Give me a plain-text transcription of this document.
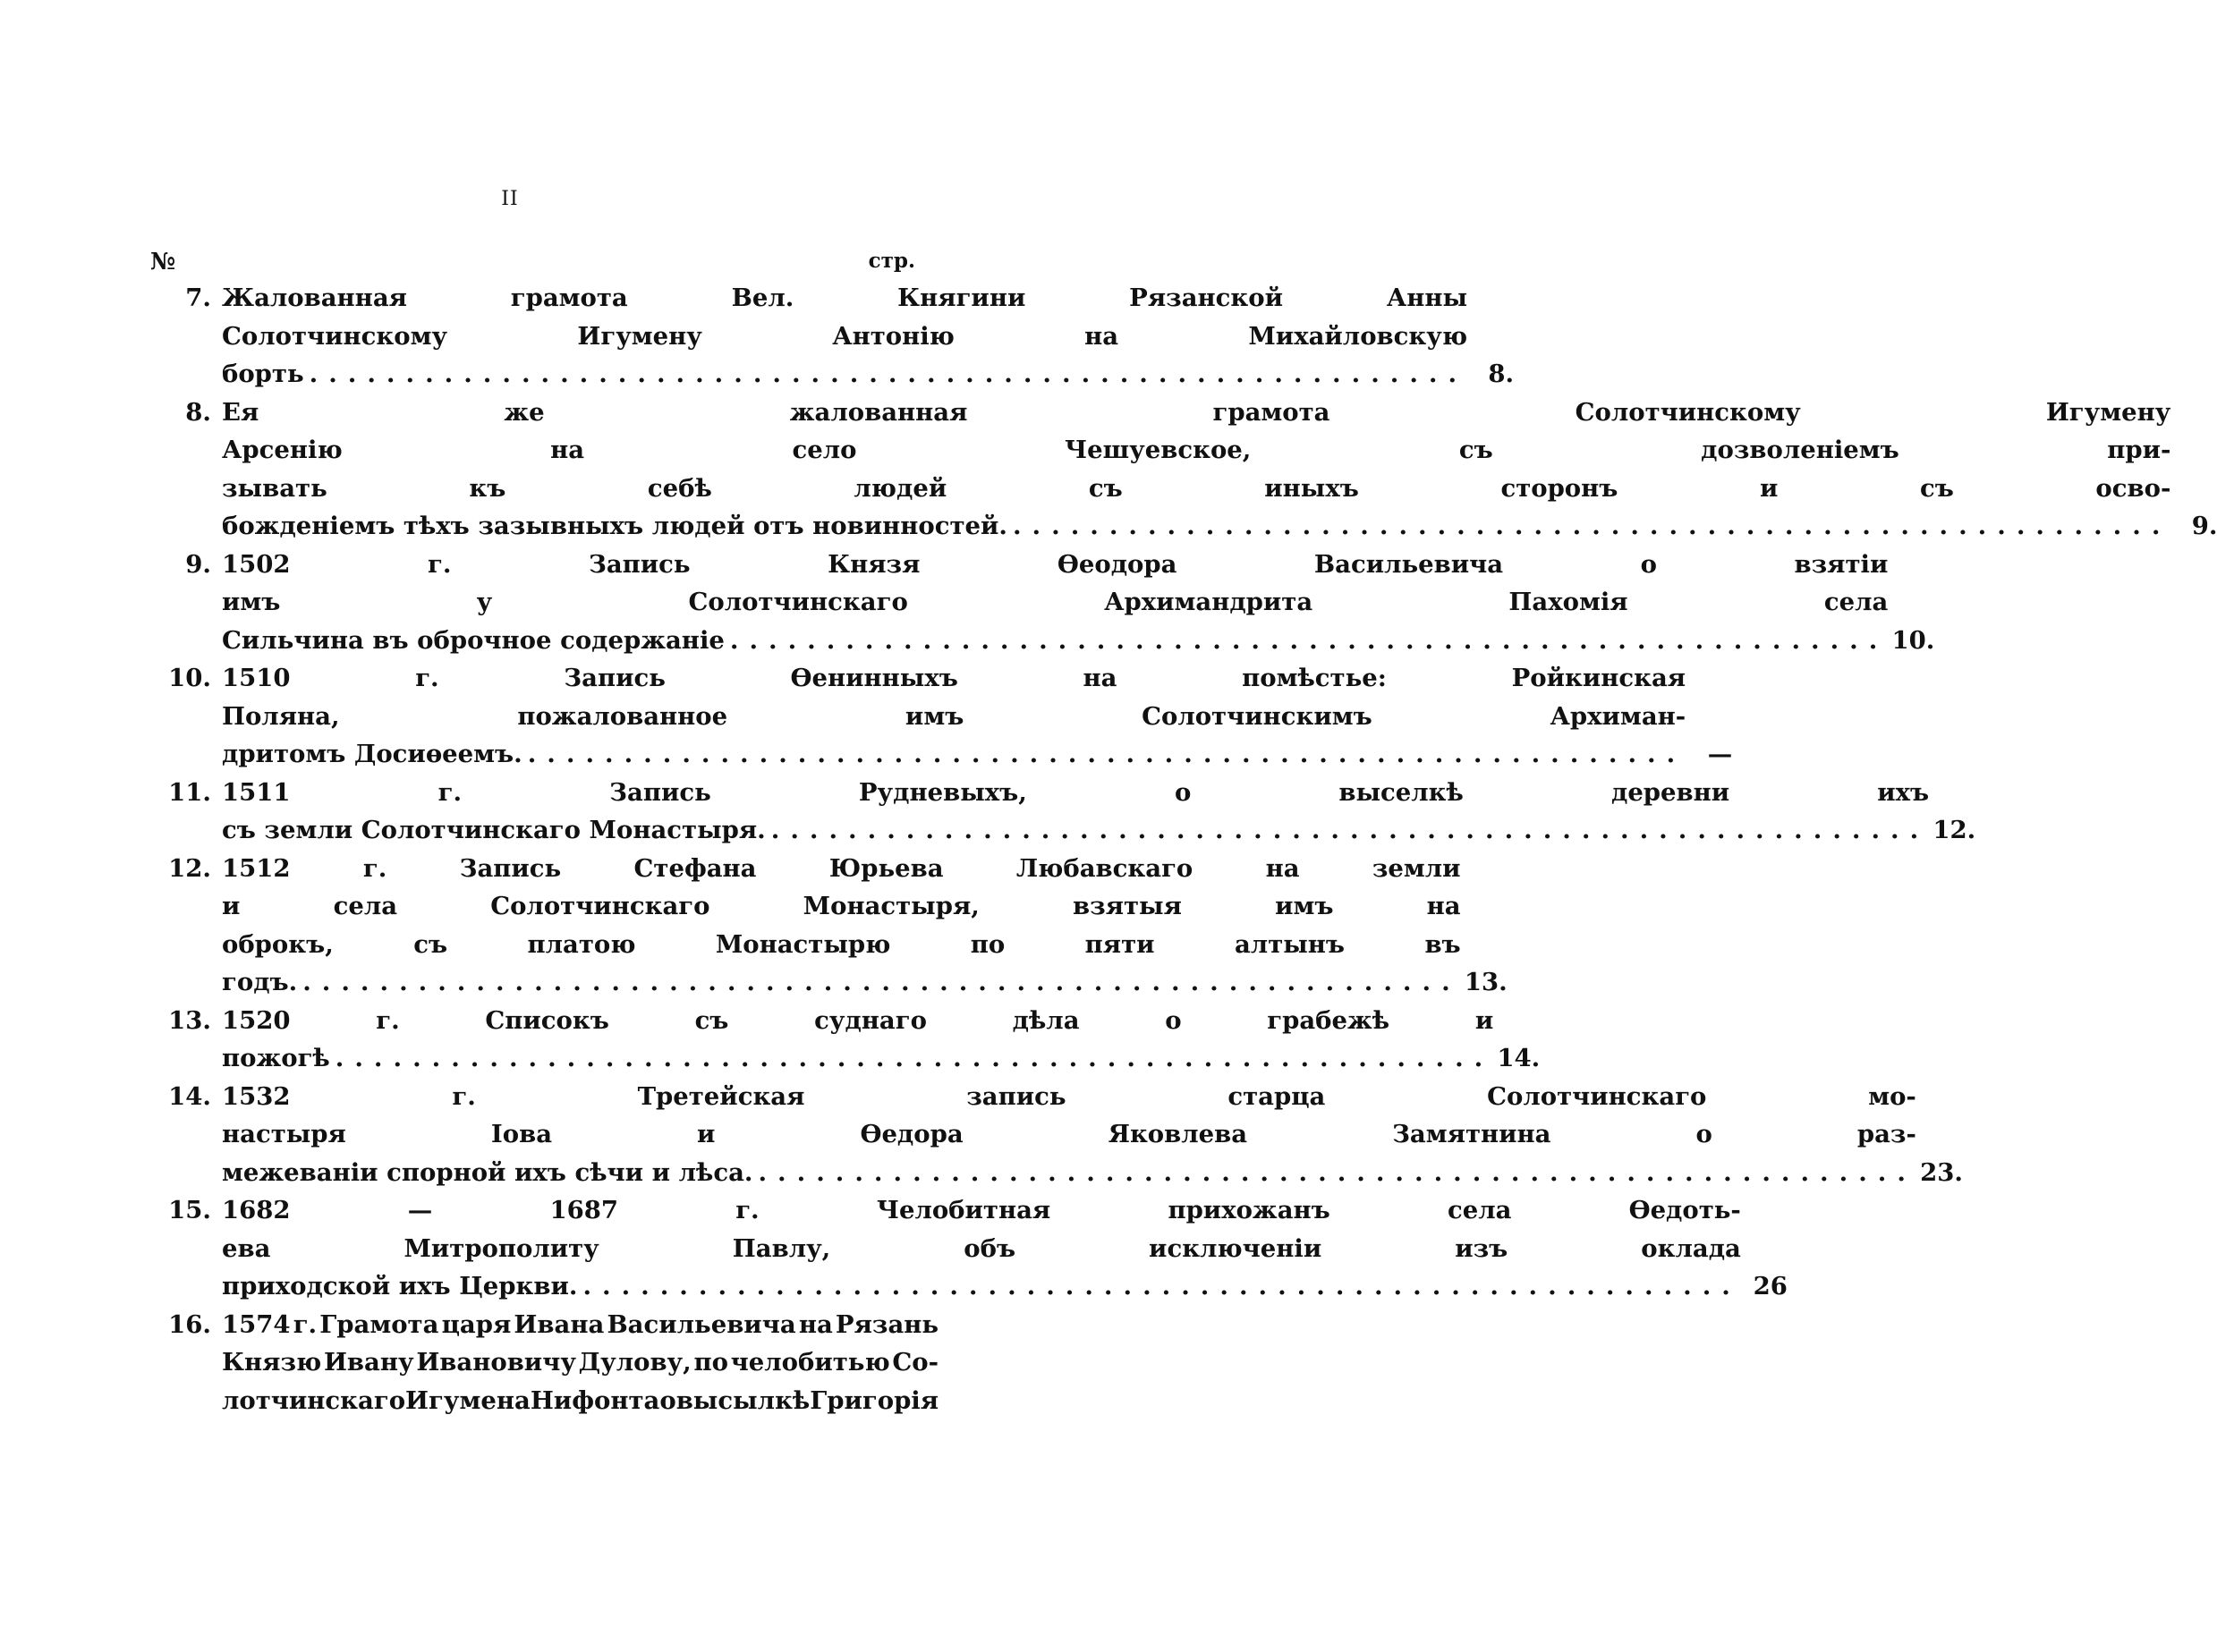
II
№	стр.
7. Жалованная	грамота	Вел.	Княгини	Рязанской	Анны
Солотчинскому	Игумену	Антонію	на	Михайловскую
борть ............................................................ 8.
8. Ея	же	жалованная	грамота	Солотчинскому	Игумену
Арсенію	на	село	Чешуевское,	съ	дозволеніемъ	при-
зывать	къ	себѣ	людей	съ	иныхъ	сторонъ	и	съ	осво-
божденіемъ тѣхъ зазывныхъ людей отъ новинностей. ............................................................ 9.
9. 1502	г.	Запись	Князя	Өеодора	Васильевича	о	взятіи
имъ	у	Солотчинскаго	Архимандрита	Пахомія	села
Сильчина въ оброчное содержаніе ............................................................ 10.
10. 1510	г.	Запись	Өенинныхъ	на	помѣстье:	Ройкинская
Поляна,	пожалованное	имъ	Солотчинскимъ	Архиман-
дритомъ Досиөеемъ. ............................................................ —
11. 1511	г.	Запись	Рудневыхъ,	о	выселкѣ	деревни	ихъ
съ земли Солотчинскаго Монастыря. ............................................................ 12.
12. 1512	г.	Запись	Стефана	Юрьева	Любавскаго	на	земли
и	села	Солотчинскаго	Монастыря,	взятыя	имъ	на
оброкъ,	съ	платою	Монастырю	по	пяти	алтынъ	въ
годъ. ............................................................ 13.
13. 1520	г.	Списокъ	съ	суднаго	дѣла	о	грабежѣ	и
пожогѣ ............................................................ 14.
14. 1532	г.	Третейская	запись	старца	Солотчинскаго	мо-
настыря	Іова	и	Өедора	Яковлева	Замятнина	о	раз-
межеваніи спорной ихъ сѣчи и лѣса. ............................................................ 23.
15. 1682	—	1687	г.	Челобитная	прихожанъ	села	Өедоть-
ева	Митрополиту	Павлу,	объ	исключеніи	изъ	оклада
приходской ихъ Церкви. ............................................................ 26
16. 1574 г. Грамота царя Ивана Васильевича на Рязань
Князю Ивану Ивановичу Дулову, по челобитью Со-
лотчинскаго Игумена Нифонта о высылкѣ Григорія
